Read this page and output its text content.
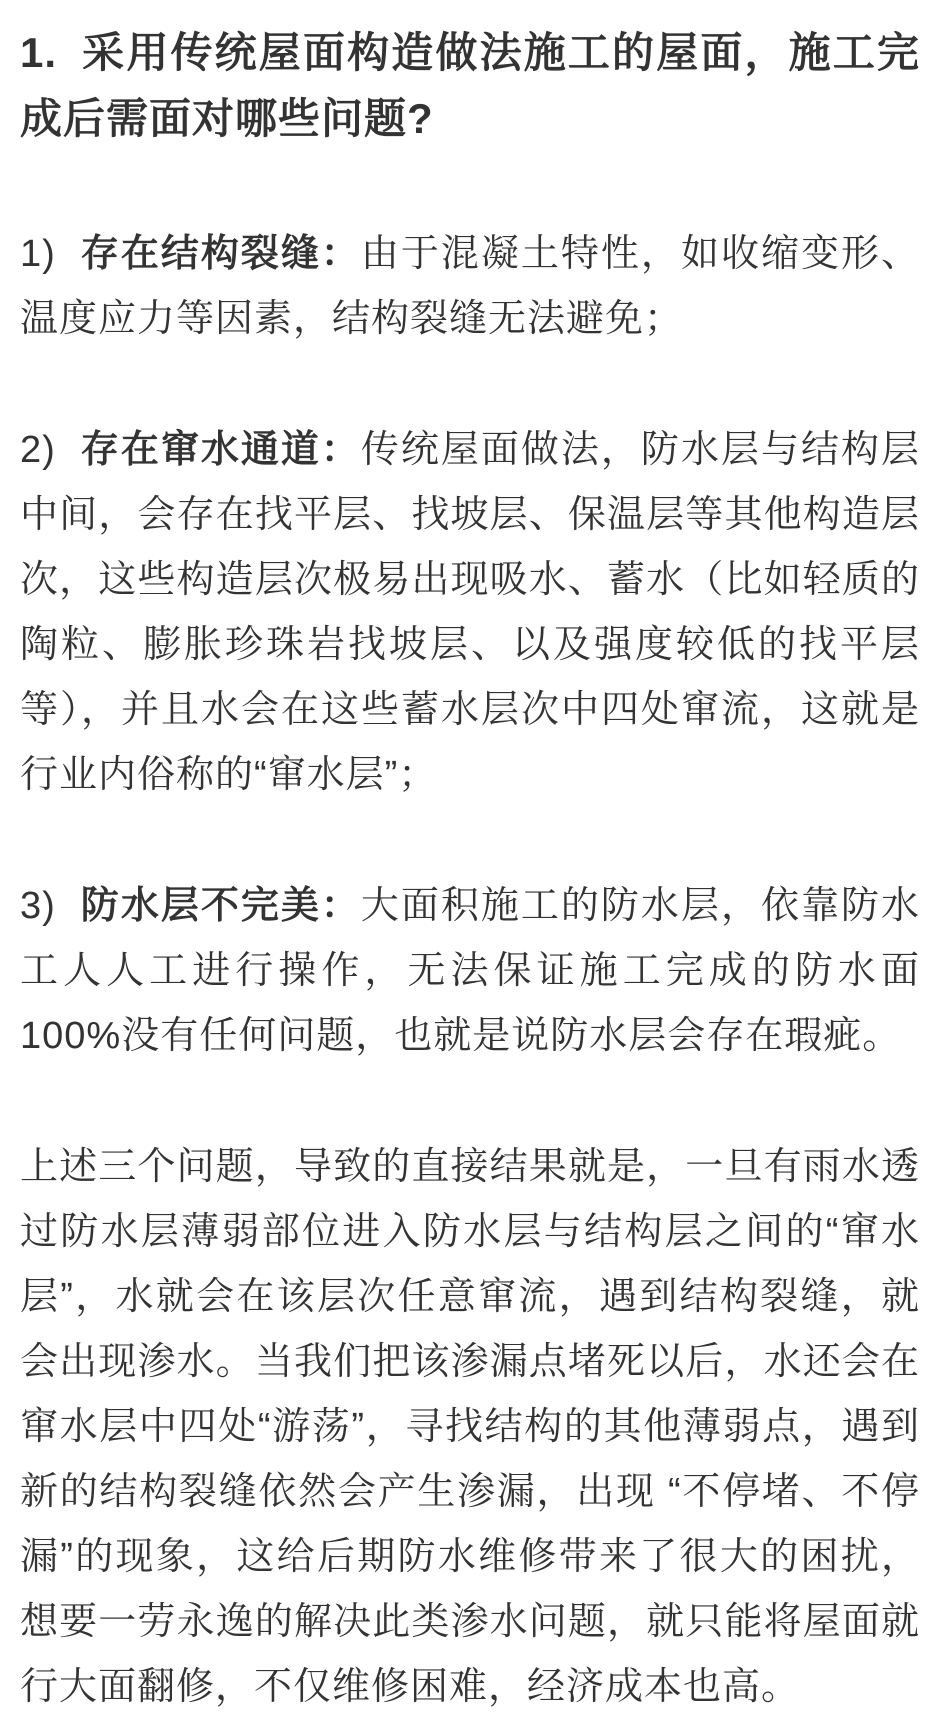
1. 采用传统屋面构造做法施工的屋面，施工完成后需面对哪些问题?

1) 存在结构裂缝：由于混凝土特性，如收缩变形、温度应力等因素，结构裂缝无法避免；

2) 存在窜水通道：传统屋面做法，防水层与结构层中间，会存在找平层、找坡层、保温层等其他构造层次，这些构造层次极易出现吸水、蓄水（比如轻质的陶粒、膨胀珍珠岩找坡层、以及强度较低的找平层等），并且水会在这些蓄水层次中四处窜流，这就是行业内俗称的“窜水层”；

3) 防水层不完美：大面积施工的防水层，依靠防水工人人工进行操作，无法保证施工完成的防水面100%没有任何问题，也就是说防水层会存在瑕疵。

上述三个问题，导致的直接结果就是，一旦有雨水透过防水层薄弱部位进入防水层与结构层之间的“窜水层”，水就会在该层次任意窜流，遇到结构裂缝，就会出现渗水。当我们把该渗漏点堵死以后，水还会在窜水层中四处“游荡”，寻找结构的其他薄弱点，遇到新的结构裂缝依然会产生渗漏，出现 “不停堵、不停漏”的现象，这给后期防水维修带来了很大的困扰，想要一劳永逸的解决此类渗水问题，就只能将屋面就行大面翻修，不仅维修困难，经济成本也高。
